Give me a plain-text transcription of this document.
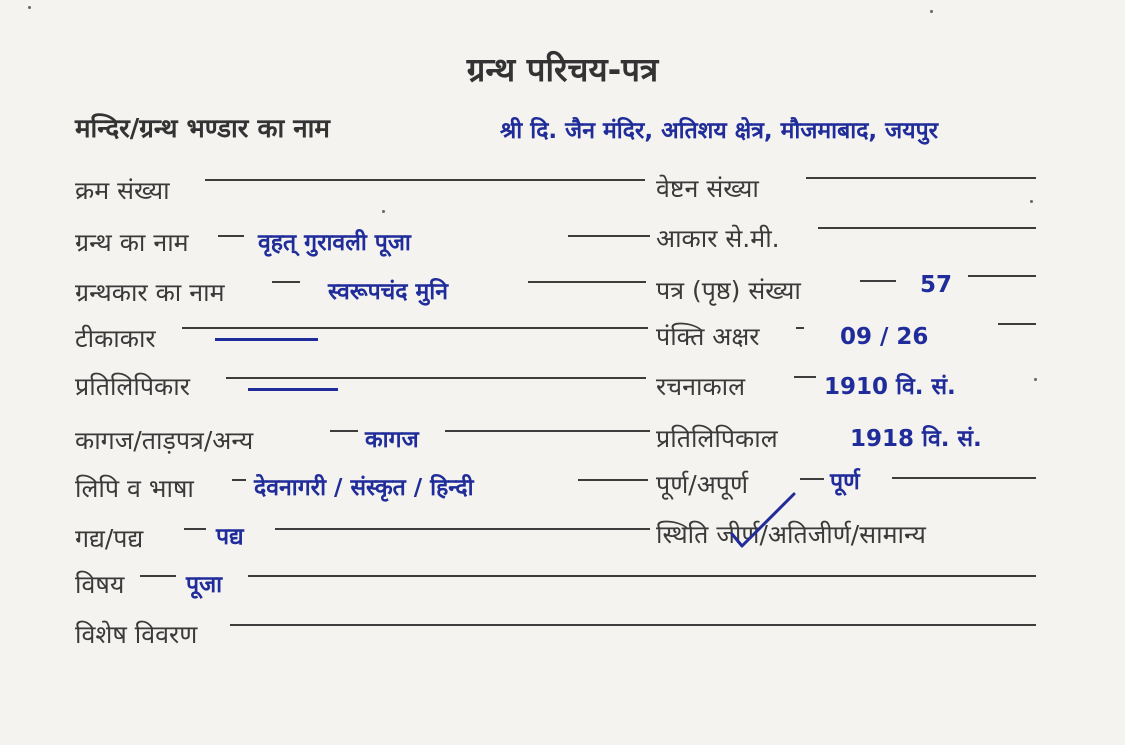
ग्रन्थ परिचय-पत्र
मन्दिर/ग्रन्थ भण्डार का नाम	श्री दि. जैन मंदिर, अतिशय क्षेत्र, मौजमाबाद, जयपुर
क्रम संख्या
ग्रन्थ का नाम	वृहत् गुरावली पूजा
ग्रन्थकार का नाम	स्वरूपचंद मुनि
टीकाकार
प्रतिलिपिकार
कागज/ताड़पत्र/अन्य	कागज
लिपि व भाषा	देवनागरी / संस्कृत / हिन्दी
गद्य/पद्य	पद्य
विषय	पूजा
विशेष विवरण
वेष्टन संख्या
आकार से.मी.
पत्र (पृष्ठ) संख्या	57
पंक्ति अक्षर	09 / 26
रचनाकाल	1910 वि. सं.
प्रतिलिपिकाल	1918 वि. सं.
पूर्ण/अपूर्ण	पूर्ण
स्थिति जीर्ण/अतिजीर्ण/सामान्य
